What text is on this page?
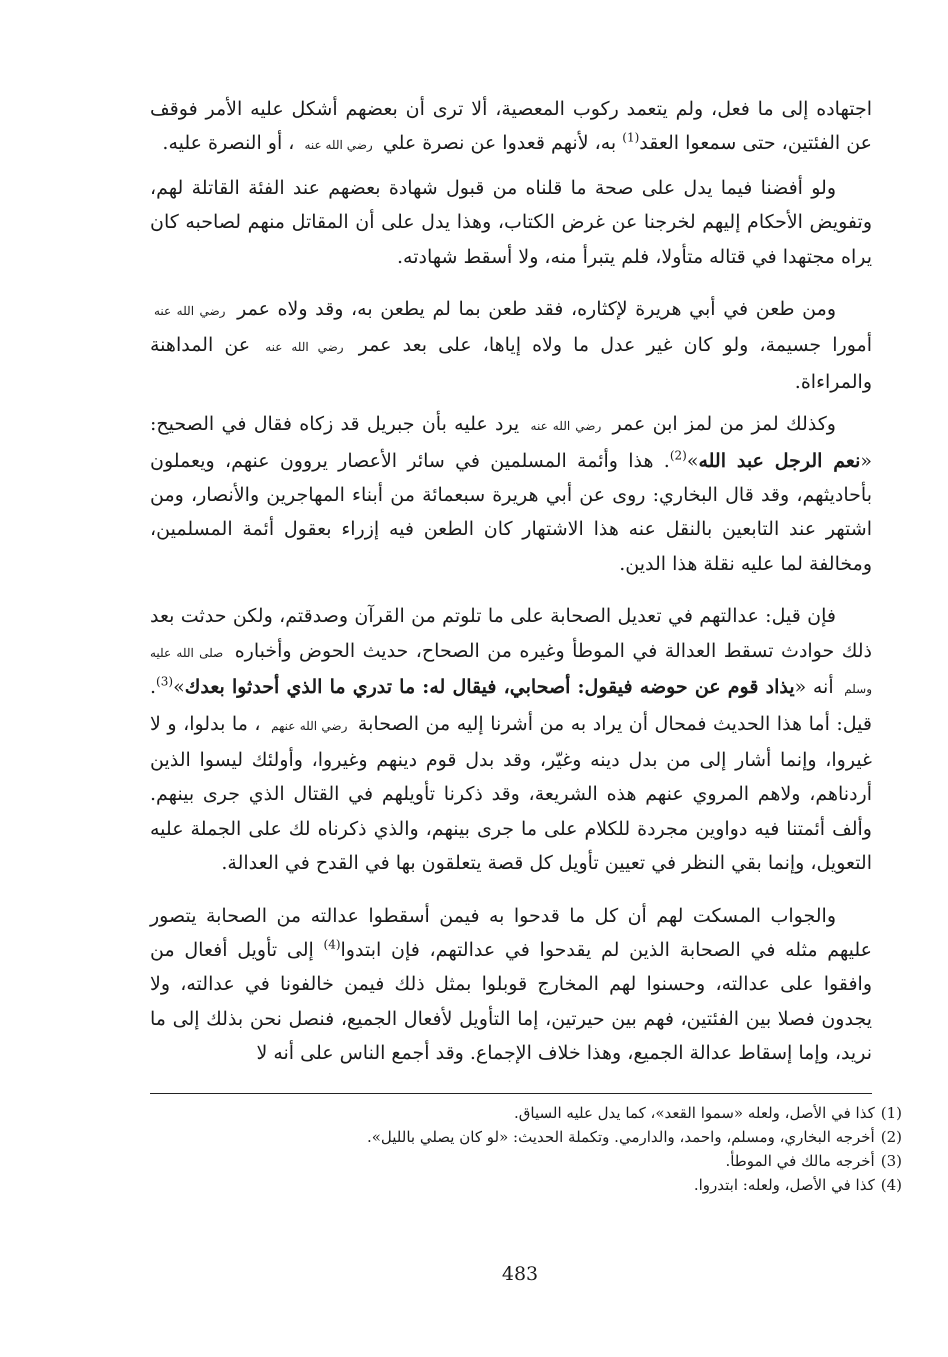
اجتهاده إلى ما فعل، ولم يتعمد ركوب المعصية، ألا ترى أن بعضهم أشكل عليه الأمر فوقف عن الفئتين، حتى سمعوا العقد$^{(1)}$ به، لأنهم قعدوا عن نصرة علي رضي الله عنه ، أو النصرة عليه.

ولو أفضنا فيما يدل على صحة ما قلناه من قبول شهادة بعضهم عند الفئة القاتلة لهم، وتفويض الأحكام إليهم لخرجنا عن غرض الكتاب، وهذا يدل على أن المقاتل منهم لصاحبه كان يراه مجتهدا في قتاله متأولا، فلم يتبرأ منه، ولا أسقط شهادته.

ومن طعن في أبي هريرة لإكثاره، فقد طعن بما لم يطعن به، وقد ولاه عمر رضي الله عنه أمورا جسيمة، ولو كان غير عدل ما ولاه إياها، على بعد عمر رضي الله عنه عن المداهنة والمراءاة.

وكذلك لمز من لمز ابن عمر رضي الله عنه يرد عليه بأن جبريل قد زكاه فقال في الصحيح: «نعم الرجل عبد الله»$^{(2)}$. هذا وأئمة المسلمين في سائر الأعصار يروون عنهم، ويعملون بأحاديثهم، وقد قال البخاري: روى عن أبي هريرة سبعمائة من أبناء المهاجرين والأنصار، ومن اشتهر عند التابعين بالنقل عنه هذا الاشتهار كان الطعن فيه إزراء بعقول أئمة المسلمين، ومخالفة لما عليه نقلة هذا الدين.

فإن قيل: عدالتهم في تعديل الصحابة على ما تلوتم من القرآن وصدقتم، ولكن حدثت بعد ذلك حوادث تسقط العدالة في الموطأ وغيره من الصحاح، حديث الحوض وأخباره صلى الله عليه وسلم أنه «يذاد قوم عن حوضه فيقول: أصحابي، فيقال له: ما تدري ما الذي أحدثوا بعدك»$^{(3)}$. قيل: أما هذا الحديث فمحال أن يراد به من أشرنا إليه من الصحابة رضي الله عنهم ، ما بدلوا، و لا غيروا، وإنما أشار إلى من بدل دينه وغيّر، وقد بدل قوم دينهم وغيروا، وأولئك ليسوا الذين أردناهم، ولاهم المروي عنهم هذه الشريعة، وقد ذكرنا تأويلهم في القتال الذي جرى بينهم. وألف أئمتنا فيه دواوين مجردة للكلام على ما جرى بينهم، والذي ذكرناه لك على الجملة عليه التعويل، وإنما بقي النظر في تعيين تأويل كل قصة يتعلقون بها في القدح في العدالة.

والجواب المسكت لهم أن كل ما قدحوا به فيمن أسقطوا عدالته من الصحابة يتصور عليهم مثله في الصحابة الذين لم يقدحوا في عدالتهم، فإن ابتدوا$^{(4)}$ إلى تأويل أفعال من وافقوا على عدالته، وحسنوا لهم المخارج قوبلوا بمثل ذلك فيمن خالفونا في عدالته، ولا يجدون فصلا بين الفئتين، فهم بين حيرتين، إما التأويل لأفعال الجميع، فنصل نحن بذلك إلى ما نريد، وإما إسقاط عدالة الجميع، وهذا خلاف الإجماع. وقد أجمع الناس على أنه لا

(1)
كذا في الأصل، ولعله «سموا القعد»، كما يدل عليه السياق.
(2)
أخرجه البخاري، ومسلم، واحمد، والدارمي. وتكملة الحديث: «لو كان يصلي بالليل».
(3)
أخرجه مالك في الموطأ.
(4)
كذا في الأصل، ولعله: ابتدروا.
483
